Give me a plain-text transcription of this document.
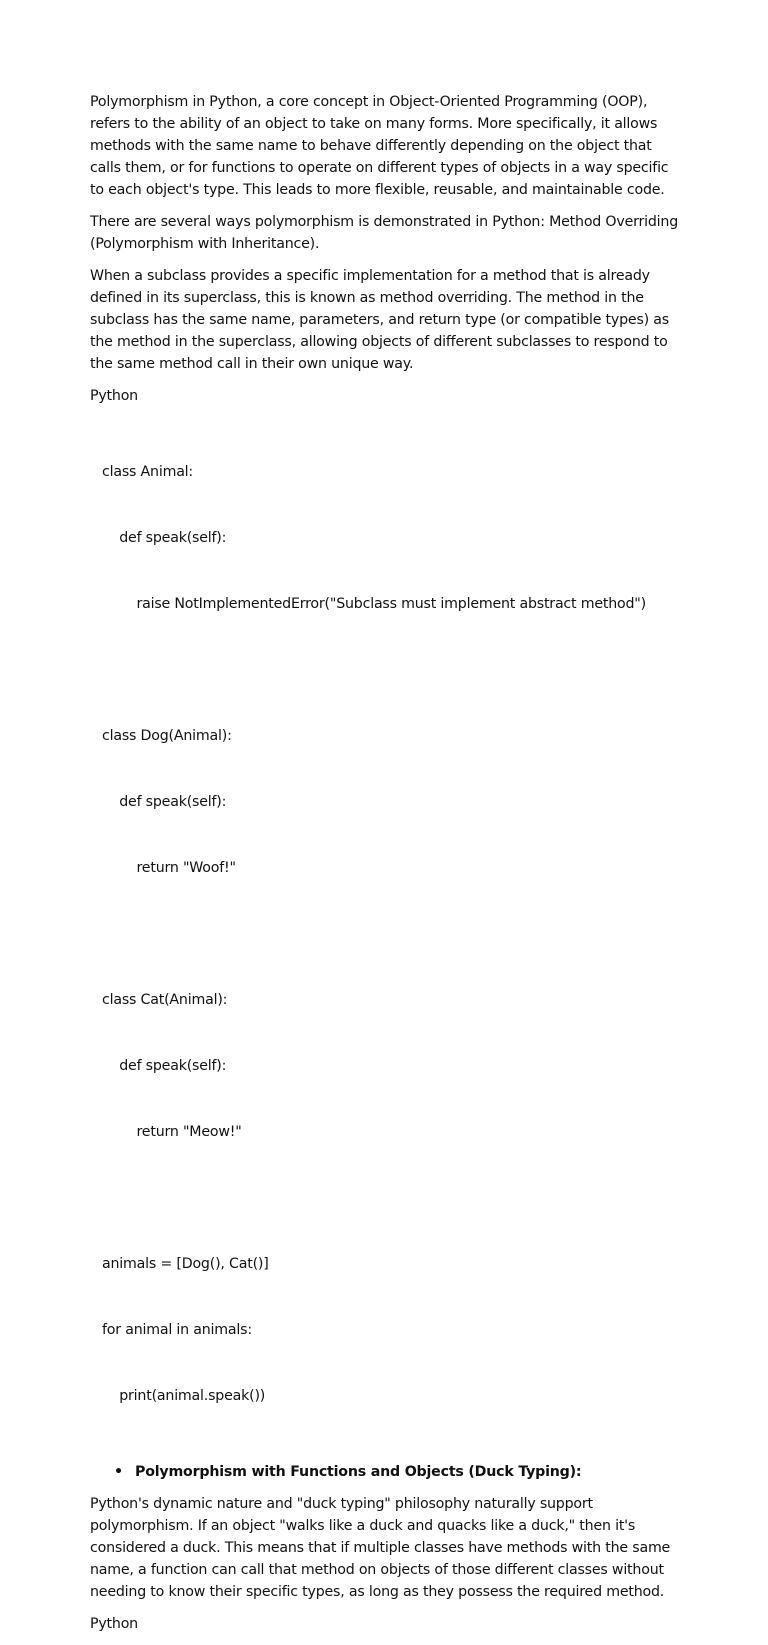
Polymorphism in Python, a core concept in Object-Oriented Programming (OOP), refers to the ability of an object to take on many forms. More specifically, it allows methods with the same name to behave differently depending on the object that calls them, or for functions to operate on different types of objects in a way specific to each object's type. This leads to more flexible, reusable, and maintainable code.

There are several ways polymorphism is demonstrated in Python: Method Overriding (Polymorphism with Inheritance).

When a subclass provides a specific implementation for a method that is already defined in its superclass, this is known as method overriding. The method in the subclass has the same name, parameters, and return type (or compatible types) as the method in the superclass, allowing objects of different subclasses to respond to the same method call in their own unique way.

Python

class Animal:

def speak(self):

raise NotImplementedError("Subclass must implement abstract method")

class Dog(Animal):

def speak(self):

return "Woof!"

class Cat(Animal):

def speak(self):

return "Meow!"

animals = [Dog(), Cat()]

for animal in animals:

print(animal.speak())

• Polymorphism with Functions and Objects (Duck Typing):

Python's dynamic nature and "duck typing" philosophy naturally support polymorphism. If an object "walks like a duck and quacks like a duck," then it's considered a duck. This means that if multiple classes have methods with the same name, a function can call that method on objects of those different classes without needing to know their specific types, as long as they possess the required method.

Python
